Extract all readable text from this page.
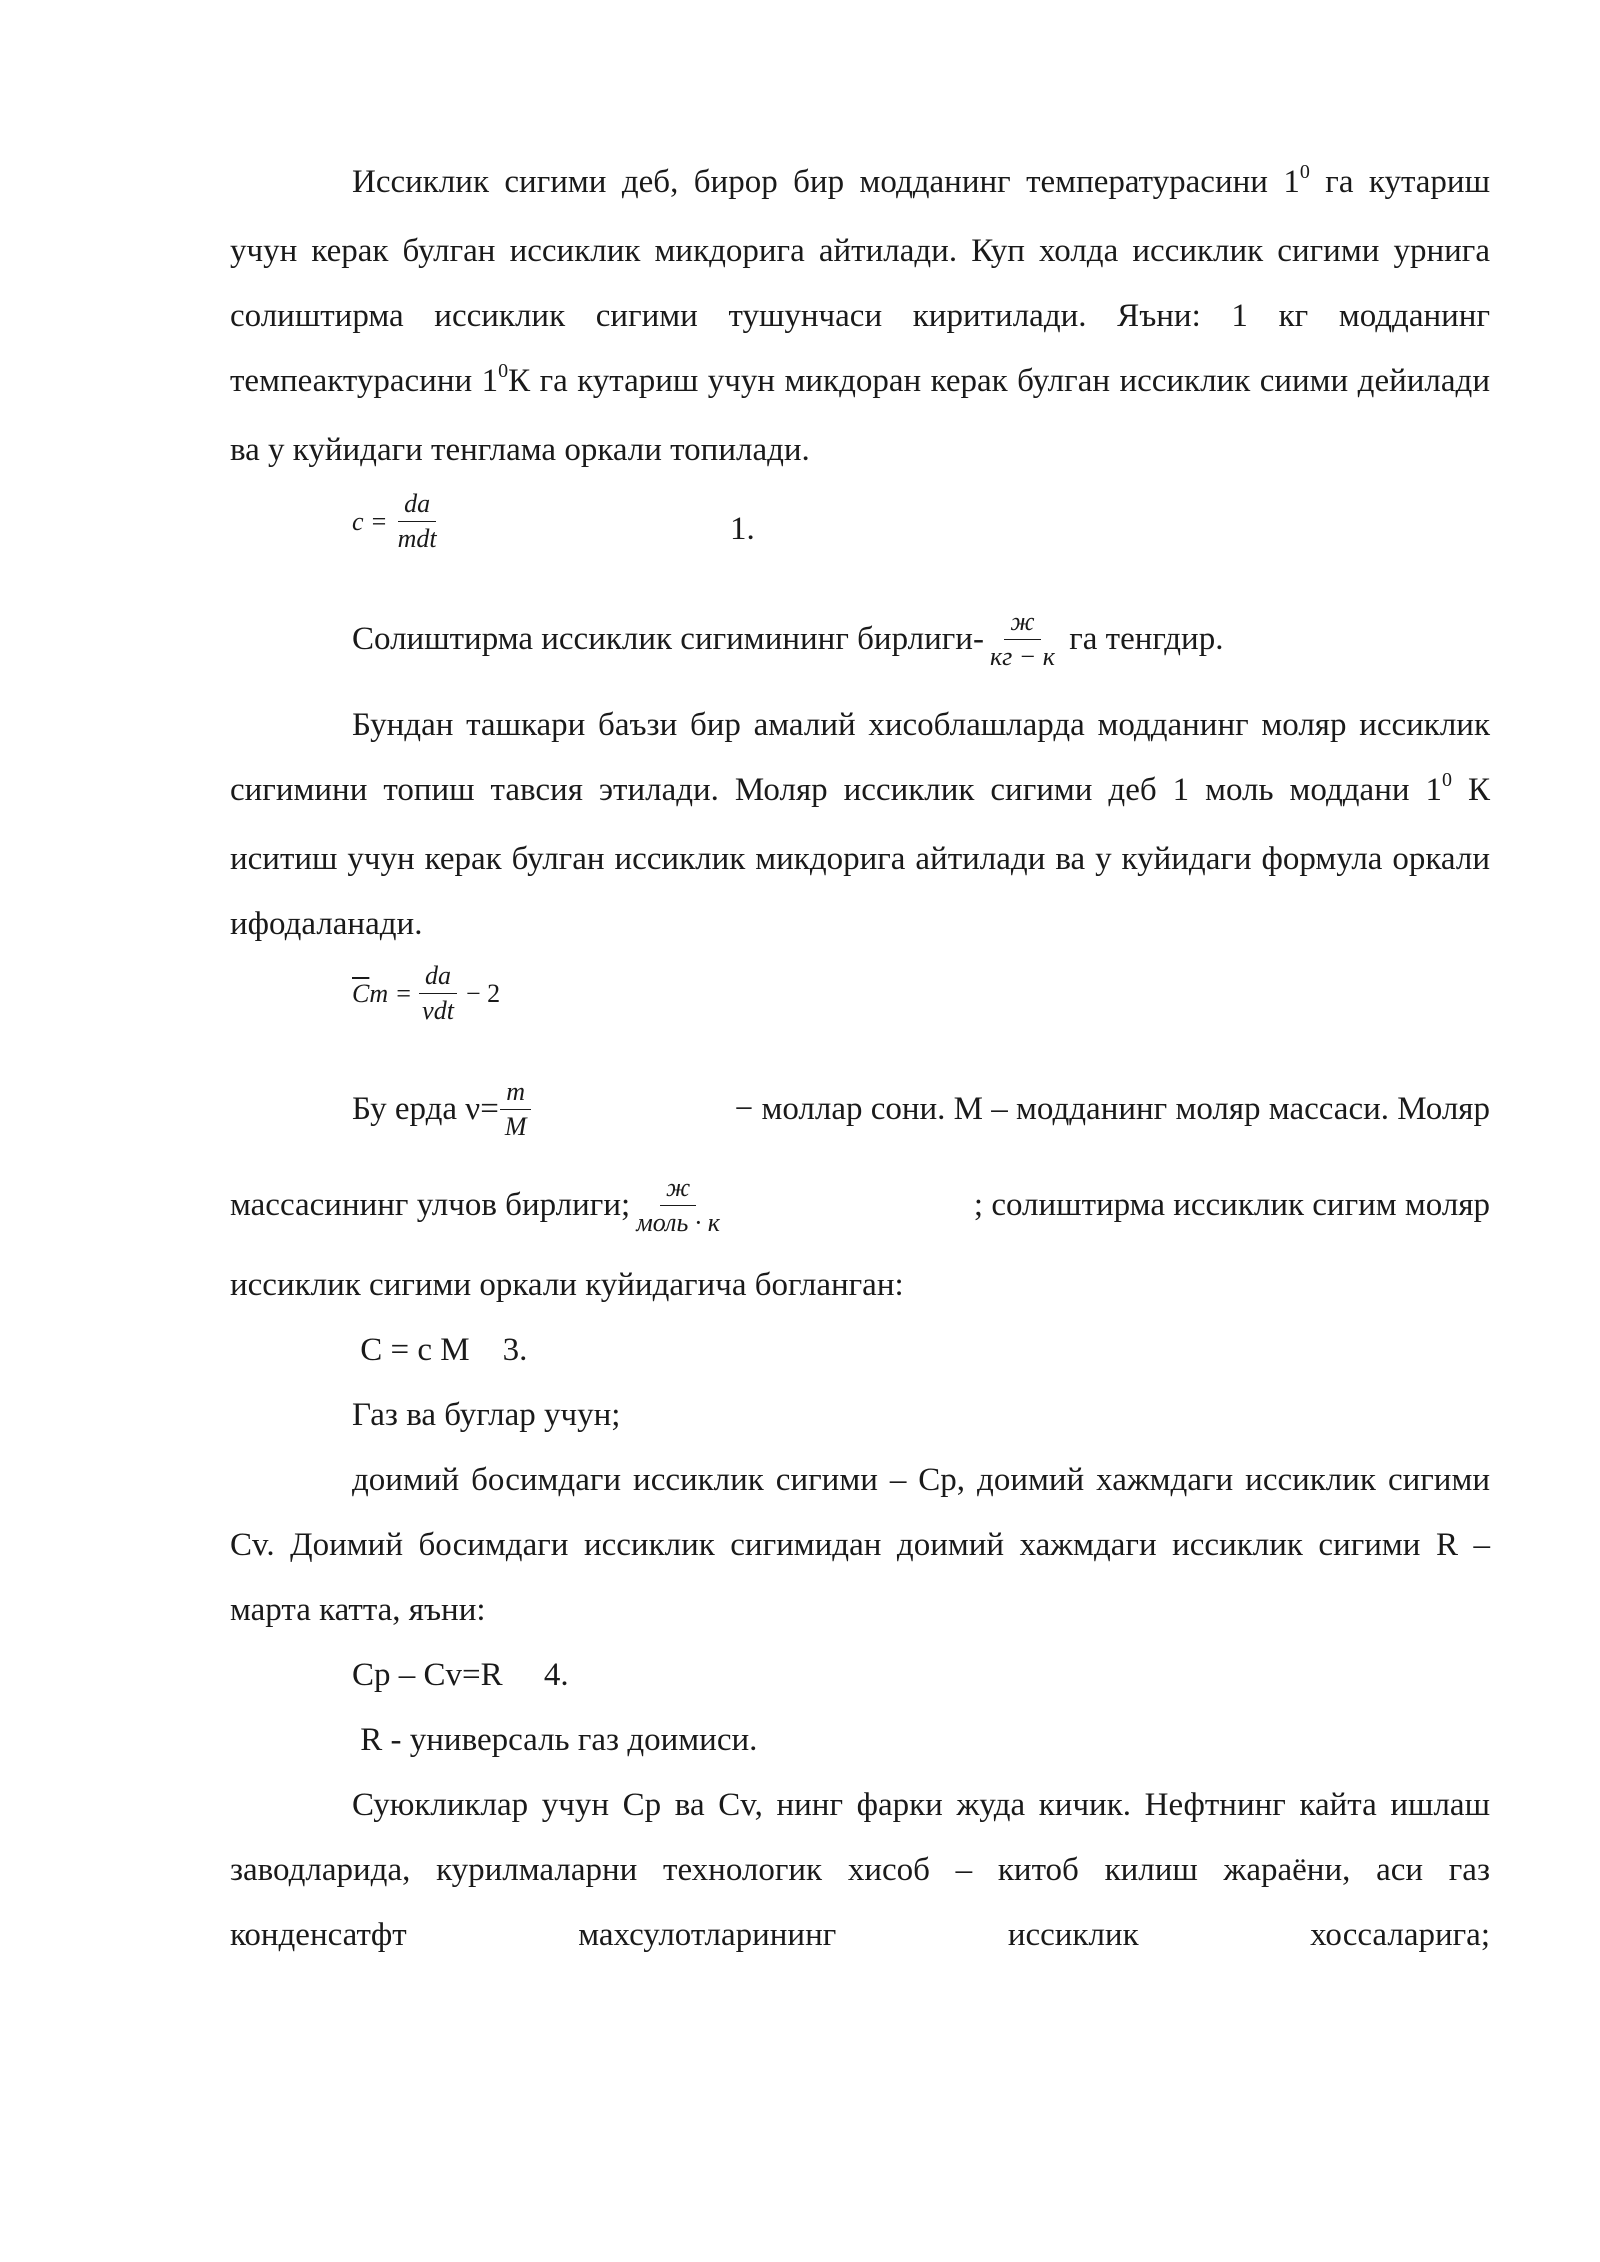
Иссиклик сигими деб, бирор бир модданинг температурасини $1^0$ га кутариш учун керак булган иссиклик микдорига айтилади. Куп холда иссиклик сигими урнига солиштирма иссиклик сигими тушунчаси киритилади. Яъни: 1 кг модданинг темпеактурасини $1^0К$ га кутариш учун микдоран керак булган иссиклик сиими дейилади ва у куйидаги тенглама оркали топилади.

$c = \frac{da}{\text{mdt}}$	1.
Солиштирма иссиклик сигимининг бирлиги- $\frac{ж}{кг - к}$ га тенгдир.

Бундан ташкари баъзи бир амалий хисоблашларда модданинг моляр иссиклик сигимини топиш тавсия этилади. Моляр иссиклик сигими деб 1 моль моддани $1^0$ К иситиш учун керак булган иссиклик микдорига айтилади ва у куйидаги формула оркали ифодаланади.

$\overline{C}$ $m = \frac{da}{\text{νdt}} - 2$
Бу ерда $\nu= \frac{m}{M}$	− моллар сони. М – модданинг моляр массаси. Моляр
массасининг улчов бирлиги; $\frac{ж}{\text{моль · к}}$	; солиштирма иссиклик сигим моляр

иссиклик сигими оркали куйидагича богланган:

С = с М    3.

Газ ва буглар учун;

доимий босимдаги иссиклик сигими – Ср, доимий хажмдаги иссиклик сигими Сv. Доимий босимдаги иссиклик сигимидан доимий хажмдаги иссиклик сигими R – марта катта, яъни:

Ср – Сv=R     4.

R - универсаль газ доимиси.

Суюкликлар учун Ср ва Сv, нинг фарки жуда кичик. Нефтнинг кайта ишлаш заводларида, курилмаларни технологик хисоб – китоб килиш жараёни, аси газ конденсатфт махсулотларининг иссиклик хоссаларига;
